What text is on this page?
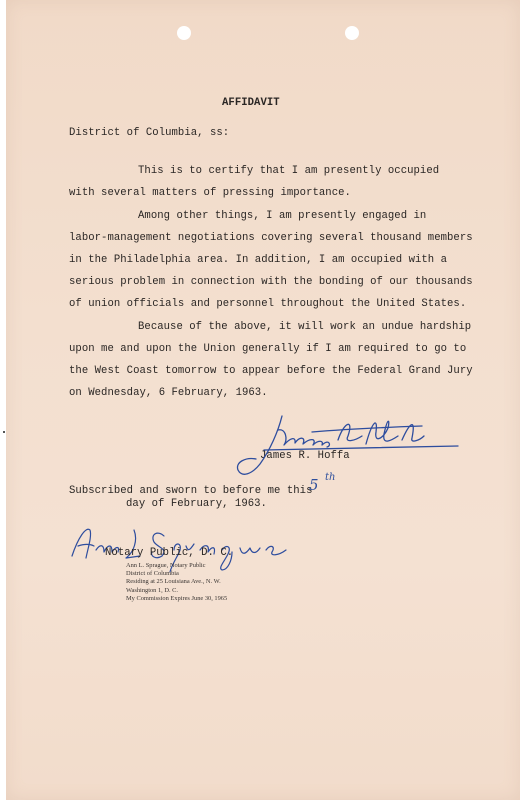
AFFIDAVIT
District of Columbia, ss:
This is to certify that I am presently occupied
with several matters of pressing importance.
Among other things, I am presently engaged in
labor-management negotiations covering several thousand members
in the Philadelphia area. In addition, I am occupied with a
serious problem in connection with the bonding of our thousands
of union officials and personnel throughout the United States.
Because of the above, it will work an undue hardship
upon me and upon the Union generally if I am required to go to
the West Coast tomorrow to appear before the Federal Grand Jury
on Wednesday, 6 February, 1963.
James R. Hoffa
Subscribed and sworn to before me this
5 th
day of February, 1963.
Notary Public, D. C.
Ann L. Sprague, Notary Public
District of Columbia
Residing at 25 Louisiana Ave., N. W.
Washington 1, D. C.
My Commission Expires June 30, 1965
